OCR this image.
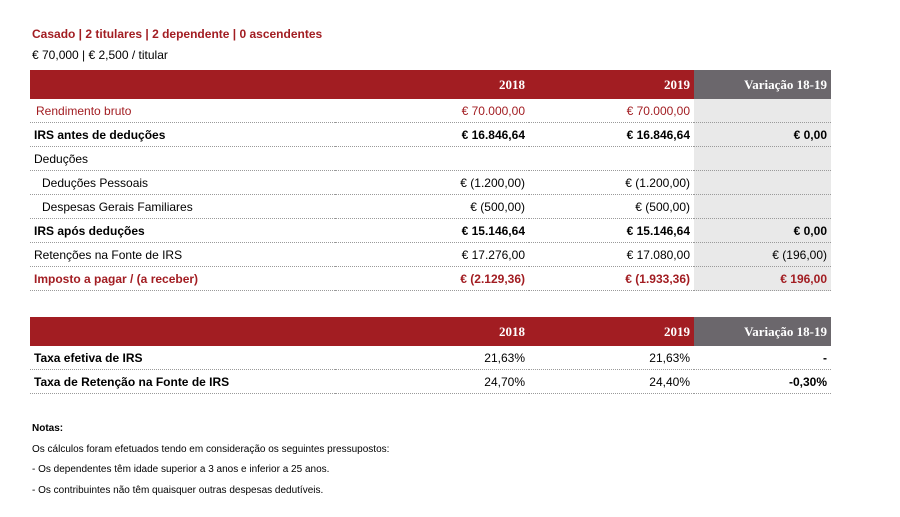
Casado | 2 titulares | 2 dependente | 0 ascendentes
€ 70,000 | € 2,500 / titular
	2018	2019	Variação 18-19
Rendimento bruto	€ 70.000,00	€ 70.000,00	
IRS antes de deduções	€ 16.846,64	€ 16.846,64	€ 0,00
Deduções			
Deduções Pessoais	€ (1.200,00)	€ (1.200,00)	
Despesas Gerais Familiares	€ (500,00)	€ (500,00)	
IRS após deduções	€ 15.146,64	€ 15.146,64	€ 0,00
Retenções na Fonte de IRS	€ 17.276,00	€ 17.080,00	€ (196,00)
Imposto a pagar / (a receber)	€ (2.129,36)	€ (1.933,36)	€ 196,00
	2018	2019	Variação 18-19
Taxa efetiva de IRS	21,63%	21,63%	-
Taxa de Retenção na Fonte de IRS	24,70%	24,40%	-0,30%
Notas:
Os cálculos foram efetuados tendo em consideração os seguintes pressupostos:
- Os dependentes têm idade superior a 3 anos e inferior a 25 anos.
- Os contribuintes não têm quaisquer outras despesas dedutíveis.
